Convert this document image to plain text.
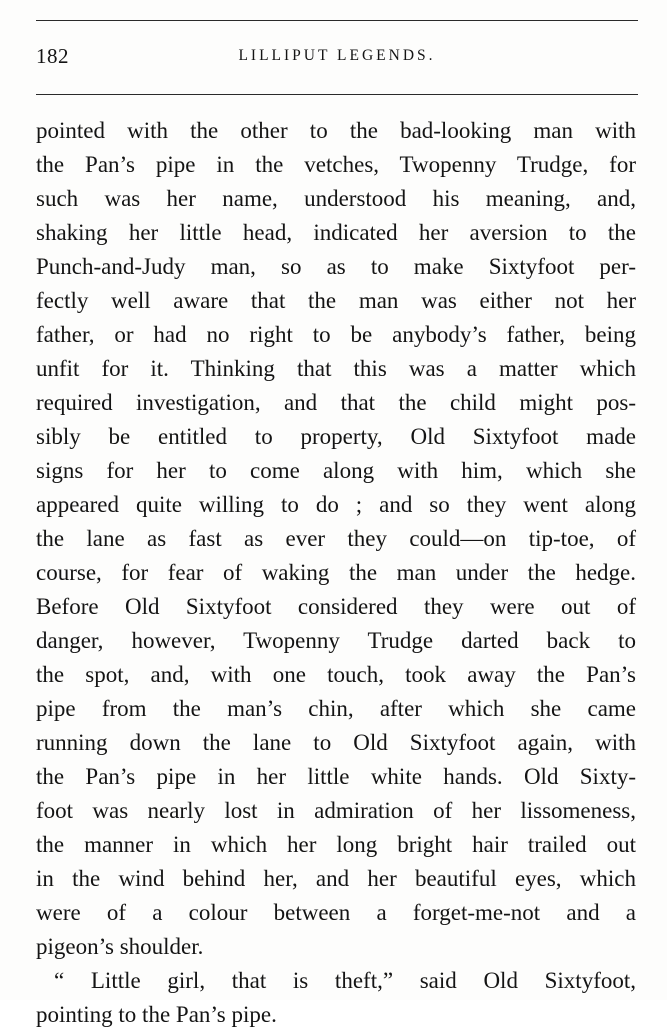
182	LILLIPUT LEGENDS.
pointed with the other to the bad-looking man with
the Pan’s pipe in the vetches, Twopenny Trudge, for
such was her name, understood his meaning, and,
shaking her little head, indicated her aversion to the
Punch-and-Judy man, so as to make Sixtyfoot per-
fectly well aware that the man was either not her
father, or had no right to be anybody’s father, being
unfit for it. Thinking that this was a matter which
required investigation, and that the child might pos-
sibly be entitled to property, Old Sixtyfoot made
signs for her to come along with him, which she
appeared quite willing to do ; and so they went along
the lane as fast as ever they could—on tip-toe, of
course, for fear of waking the man under the hedge.
Before Old Sixtyfoot considered they were out of
danger, however, Twopenny Trudge darted back to
the spot, and, with one touch, took away the Pan’s
pipe from the man’s chin, after which she came
running down the lane to Old Sixtyfoot again, with
the Pan’s pipe in her little white hands. Old Sixty-
foot was nearly lost in admiration of her lissomeness,
the manner in which her long bright hair trailed out
in the wind behind her, and her beautiful eyes, which
were of a colour between a forget-me-not and a
pigeon’s shoulder.
“ Little girl, that is theft,” said Old Sixtyfoot,
pointing to the Pan’s pipe.
